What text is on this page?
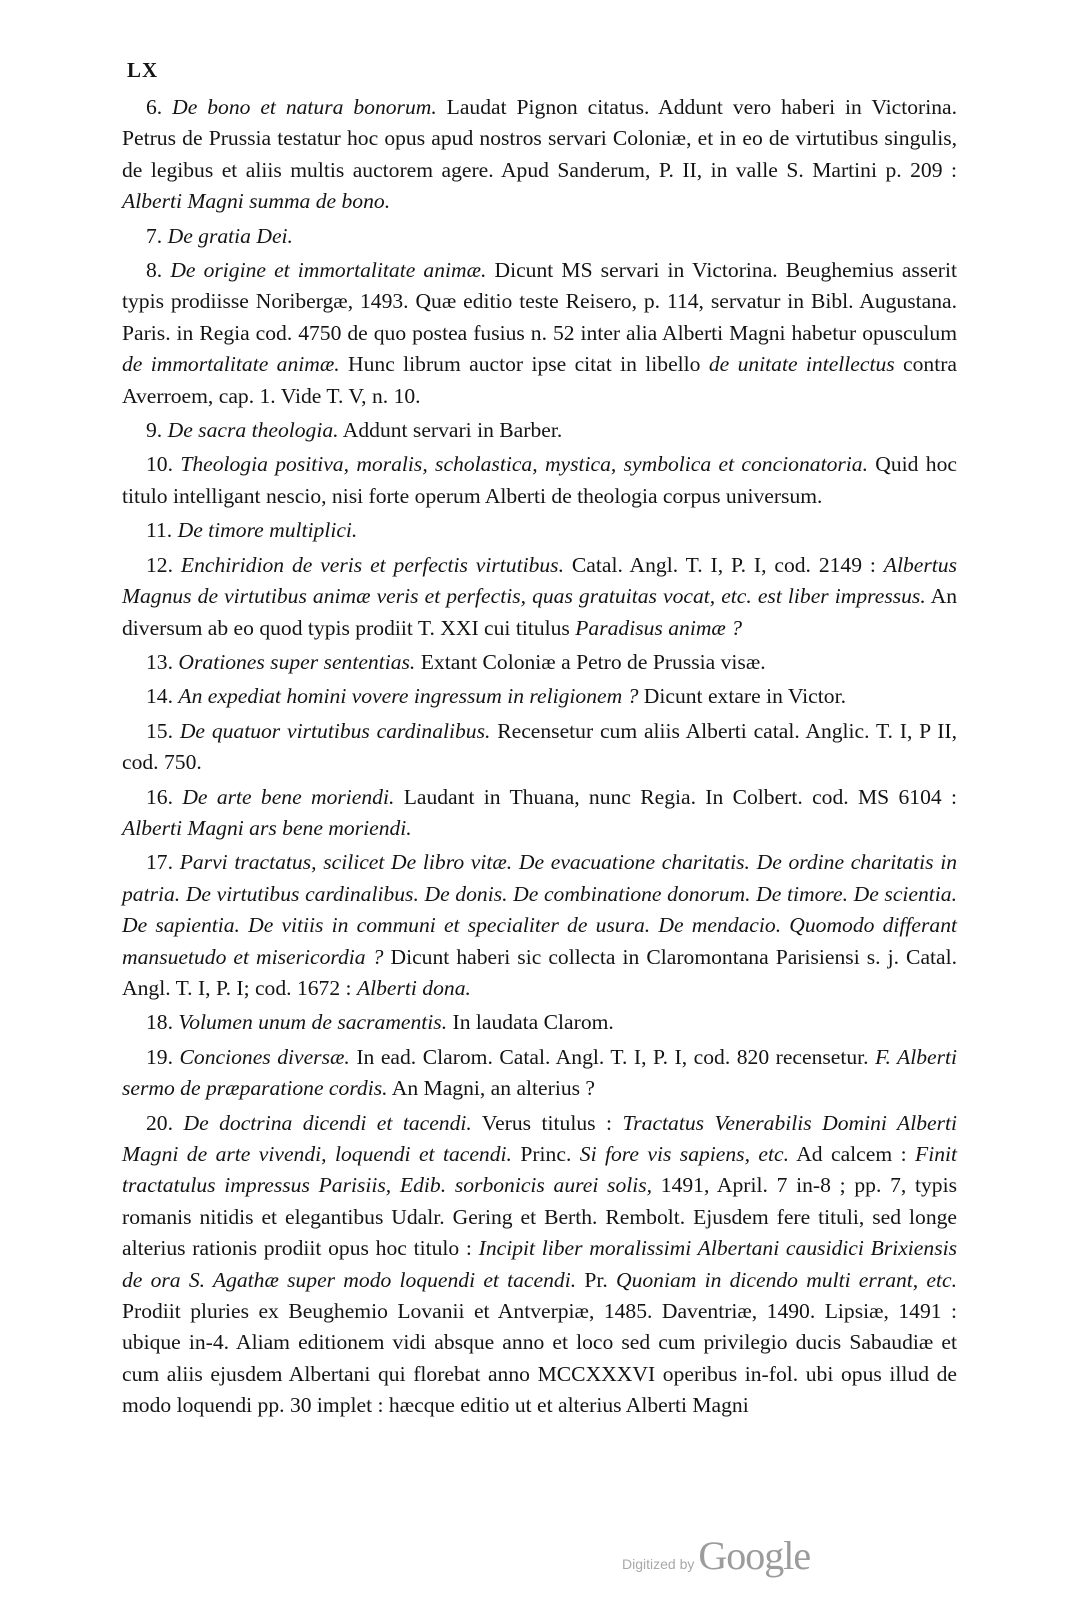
LX

6. De bono et natura bonorum. Laudat Pignon citatus. Addunt vero haberi in Victorina. Petrus de Prussia testatur hoc opus apud nostros servari Coloniæ, et in eo de virtutibus singulis, de legibus et aliis multis auctorem agere. Apud Sanderum, P. II, in valle S. Martini p. 209 : Alberti Magni summa de bono.

7. De gratia Dei.

8. De origine et immortalitate animæ. Dicunt MS servari in Victorina. Beughemius asserit typis prodiisse Noribergæ, 1493. Quæ editio teste Reisero, p. 114, servatur in Bibl. Augustana. Paris. in Regia cod. 4750 de quo postea fusius n. 52 inter alia Alberti Magni habetur opusculum de immortalitate animæ. Hunc librum auctor ipse citat in libello de unitate intellectus contra Averroem, cap. 1. Vide T. V, n. 10.

9. De sacra theologia. Addunt servari in Barber.

10. Theologia positiva, moralis, scholastica, mystica, symbolica et concionatoria. Quid hoc titulo intelligant nescio, nisi forte operum Alberti de theologia corpus universum.

11. De timore multiplici.

12. Enchiridion de veris et perfectis virtutibus. Catal. Angl. T. I, P. I, cod. 2149 : Albertus Magnus de virtutibus animæ veris et perfectis, quas gratuitas vocat, etc. est liber impressus. An diversum ab eo quod typis prodiit T. XXI cui titulus Paradisus animæ ?

13. Orationes super sententias. Extant Coloniæ a Petro de Prussia visæ.

14. An expediat homini vovere ingressum in religionem ? Dicunt extare in Victor.

15. De quatuor virtutibus cardinalibus. Recensetur cum aliis Alberti catal. Anglic. T. I, P II, cod. 750.

16. De arte bene moriendi. Laudant in Thuana, nunc Regia. In Colbert. cod. MS 6104 : Alberti Magni ars bene moriendi.

17. Parvi tractatus, scilicet De libro vitæ. De evacuatione charitatis. De ordine charitatis in patria. De virtutibus cardinalibus. De donis. De combinatione donorum. De timore. De scientia. De sapientia. De vitiis in communi et specialiter de usura. De mendacio. Quomodo differant mansuetudo et misericordia ? Dicunt haberi sic collecta in Claromontana Parisiensi s. j. Catal. Angl. T. I, P. I; cod. 1672 : Alberti dona.

18. Volumen unum de sacramentis. In laudata Clarom.

19. Conciones diversæ. In ead. Clarom. Catal. Angl. T. I, P. I, cod. 820 recensetur. F. Alberti sermo de præparatione cordis. An Magni, an alterius ?

20. De doctrina dicendi et tacendi. Verus titulus : Tractatus Venerabilis Domini Alberti Magni de arte vivendi, loquendi et tacendi. Princ. Si fore vis sapiens, etc. Ad calcem : Finit tractatulus impressus Parisiis, Edib. sorbonicis aurei solis, 1491, April. 7 in-8 ; pp. 7, typis romanis nitidis et elegantibus Udalr. Gering et Berth. Rembolt. Ejusdem fere tituli, sed longe alterius rationis prodiit opus hoc titulo : Incipit liber moralissimi Albertani causidici Brixiensis de ora S. Agathæ super modo loquendi et tacendi. Pr. Quoniam in dicendo multi errant, etc. Prodiit pluries ex Beughemio Lovanii et Antverpiæ, 1485. Daventriæ, 1490. Lipsiæ, 1491 : ubique in-4. Aliam editionem vidi absque anno et loco sed cum privilegio ducis Sabaudiæ et cum aliis ejusdem Albertani qui florebat anno MCCXXXVI operibus in-fol. ubi opus illud de modo loquendi pp. 30 implet : hæcque editio ut et alterius Alberti Magni

Digitized by Google
